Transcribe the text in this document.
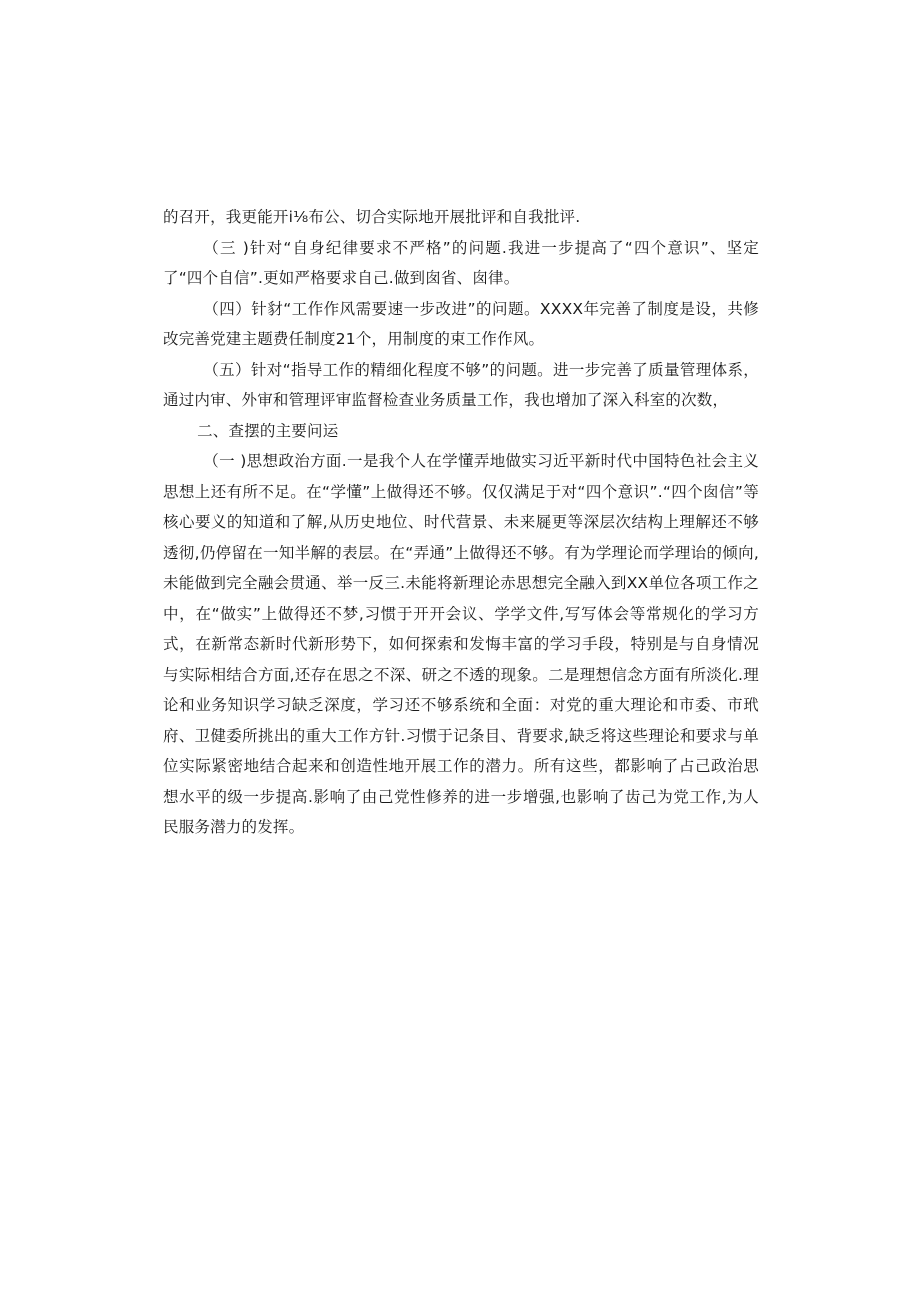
的召开，我更能开i⅛布公、切合实际地开展批评和自我批评.

（三 )针对“自身纪律要求不严格”的问题.我进一步提高了“四个意识”、坚定了“四个自信”.更如严格要求自己.做到囱省、囱律。

（四）针豺“工作作风需要速一步改进”的问题。XXXX年完善了制度是设，共修改完善党建主题费任制度21个，用制度的束工作作风。

（五）针对“指导工作的精细化程度不够”的问题。进一步完善了质量管理体系，通过内审、外审和管理评审监督检查业务质量工作，我也增加了深入科室的次数，

二、查摆的主要问运

（一 )思想政治方面.一是我个人在学懂弄地做实习近平新时代中国特色社会主义思想上还有所不足。在“学懂”上做得还不够。仅仅满足于对“四个意识”.“四个囱信”等核心要义的知道和了解,从历史地位、时代营景、未来屣更等深层次结构上理解还不够透彻,仍停留在一知半解的表层。在“弄通”上做得还不够。有为学理论而学理诒的倾向,未能做到完全融会贯通、举一反三.未能将新理论赤思想完全融入到XX单位各项工作之中，在“做实”上做得还不梦,习惯于开开会议、学学文件,写写体会等常规化的学习方式，在新常态新时代新形势下，如何探索和发悔丰富的学习手段，特别是与自身情况与实际相结合方面,还存在思之不深、研之不透的现象。二是理想信念方面有所淡化.理论和业务知识学习缺乏深度，学习还不够系统和全面：对党的重大理论和市委、市玳府、卫健委所挑出的重大工作方针.习惯于记条目、背要求,缺乏将这些理论和要求与单位实际紧密地结合起来和创造性地开展工作的潜力。所有这些，都影响了占己政治思想水平的级一步提高.影响了由己党性修养的进一步增强,也影响了齿己为党工作,为人民服务潜力的发挥。
